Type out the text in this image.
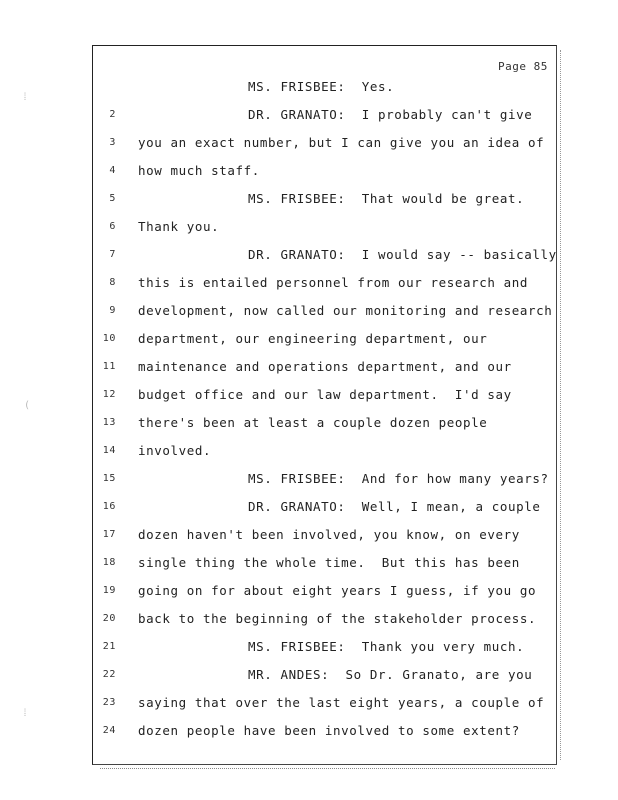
⁞
(
⁞
Page 85
MS. FRISBEE:  Yes.
2	DR. GRANATO:  I probably can't give
3 you an exact number, but I can give you an idea of
4 how much staff.
5	MS. FRISBEE:  That would be great.
6 Thank you.
7	DR. GRANATO:  I would say -- basically
8 this is entailed personnel from our research and
9 development, now called our monitoring and research
10 department, our engineering department, our
11 maintenance and operations department, and our
12 budget office and our law department.  I'd say
13 there's been at least a couple dozen people
14 involved.
15	MS. FRISBEE:  And for how many years?
16	DR. GRANATO:  Well, I mean, a couple
17 dozen haven't been involved, you know, on every
18 single thing the whole time.  But this has been
19 going on for about eight years I guess, if you go
20 back to the beginning of the stakeholder process.
21	MS. FRISBEE:  Thank you very much.
22	MR. ANDES:  So Dr. Granato, are you
23 saying that over the last eight years, a couple of
24 dozen people have been involved to some extent?
